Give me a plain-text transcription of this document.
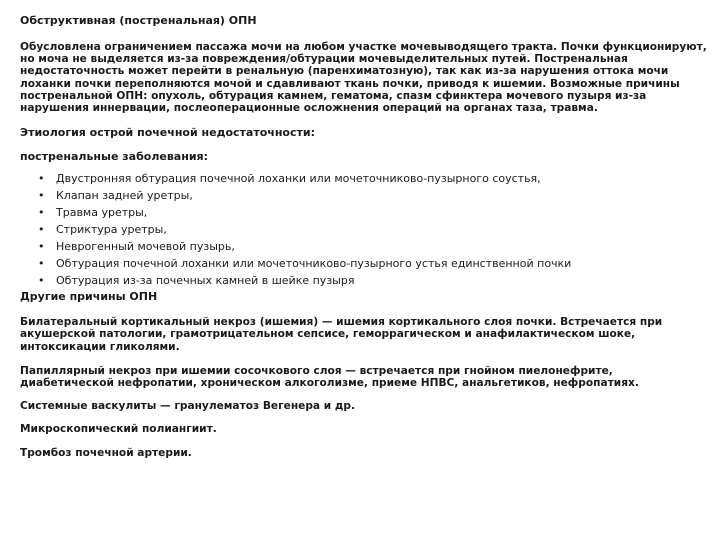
Обструктивная (постренальная) ОПН

Обусловлена ограничением пассажа мочи на любом участке мочевыводящего тракта. Почки функционируют, но моча не выделяется из-за повреждения/обтурации мочевыделительных путей. Постренальная недостаточность может перейти в ренальную (паренхиматозную), так как из-за нарушения оттока мочи лоханки почки переполняются мочой и сдавливают ткань почки, приводя к ишемии. Возможные причины постренальной ОПН: опухоль, обтурация камнем, гематома, спазм сфинктера мочевого пузыря из-за нарушения иннервации, послеоперационные осложнения операций на органах таза, травма.

Этиология острой почечной недостаточности:

постренальные заболевания:

• Двустронняя обтурация почечной лоханки или мочеточниково-пузырного соустья,
• Клапан задней уретры,
• Травма уретры,
• Стриктура уретры,
• Неврогенный мочевой пузырь,
• Обтурация почечной лоханки или мочеточниково-пузырного устья единственной почки
• Обтурация из-за почечных камней в шейке пузыря

Другие причины ОПН

Билатеральный кортикальный некроз (ишемия) — ишемия кортикального слоя почки. Встречается при акушерской патологии, грамотрицательном сепсисе, геморрагическом и анафилактическом шоке, интоксикации гликолями.

Папиллярный некроз при ишемии сосочкового слоя — встречается при гнойном пиелонефрите, диабетической нефропатии, хроническом алкоголизме, приеме НПВС, анальгетиков, нефропатиях.

Системные васкулиты — гранулематоз Вегенера и др.

Микроскопический полиангиит.

Тромбоз почечной артерии.
